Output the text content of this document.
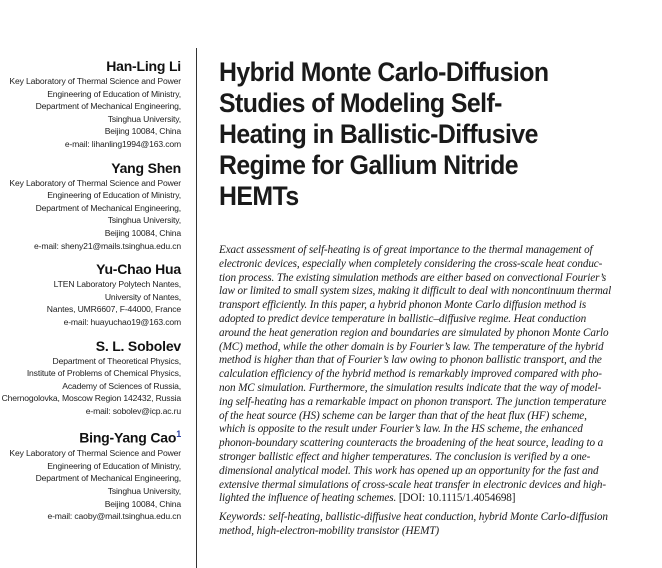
Han-Ling Li
Key Laboratory of Thermal Science and Power
Engineering of Education of Ministry,
Department of Mechanical Engineering,
Tsinghua University,
Beijing 10084, China
e-mail: lihanling1994@163.com
Yang Shen
Key Laboratory of Thermal Science and Power
Engineering of Education of Ministry,
Department of Mechanical Engineering,
Tsinghua University,
Beijing 10084, China
e-mail: sheny21@mails.tsinghua.edu.cn
Yu-Chao Hua
LTEN Laboratory Polytech Nantes,
University of Nantes,
Nantes, UMR6607, F-44000, France
e-mail: huayuchao19@163.com
S. L. Sobolev
Department of Theoretical Physics,
Institute of Problems of Chemical Physics,
Academy of Sciences of Russia,
Chernogolovka, Moscow Region 142432, Russia
e-mail: sobolev@icp.ac.ru
Bing-Yang Cao$^1$
Key Laboratory of Thermal Science and Power
Engineering of Education of Ministry,
Department of Mechanical Engineering,
Tsinghua University,
Beijing 10084, China
e-mail: caoby@mail.tsinghua.edu.cn
Hybrid Monte Carlo-Diffusion
Studies of Modeling Self-
Heating in Ballistic-Diffusive
Regime for Gallium Nitride
HEMTs
Exact assessment of self-heating is of great importance to the thermal management of
electronic devices, especially when completely considering the cross-scale heat conduc-
tion process. The existing simulation methods are either based on convectional Fourier’s
law or limited to small system sizes, making it difficult to deal with noncontinuum thermal
transport efficiently. In this paper, a hybrid phonon Monte Carlo diffusion method is
adopted to predict device temperature in ballistic–diffusive regime. Heat conduction
around the heat generation region and boundaries are simulated by phonon Monte Carlo
(MC) method, while the other domain is by Fourier’s law. The temperature of the hybrid
method is higher than that of Fourier’s law owing to phonon ballistic transport, and the
calculation efficiency of the hybrid method is remarkably improved compared with pho-
non MC simulation. Furthermore, the simulation results indicate that the way of model-
ing self-heating has a remarkable impact on phonon transport. The junction temperature
of the heat source (HS) scheme can be larger than that of the heat flux (HF) scheme,
which is opposite to the result under Fourier’s law. In the HS scheme, the enhanced
phonon-boundary scattering counteracts the broadening of the heat source, leading to a
stronger ballistic effect and higher temperatures. The conclusion is verified by a one-
dimensional analytical model. This work has opened up an opportunity for the fast and
extensive thermal simulations of cross-scale heat transfer in electronic devices and high-
lighted the influence of heating schemes. [DOI: 10.1115/1.4054698]
Keywords: self-heating, ballistic-diffusive heat conduction, hybrid Monte Carlo-diffusion
method, high-electron-mobility transistor (HEMT)
